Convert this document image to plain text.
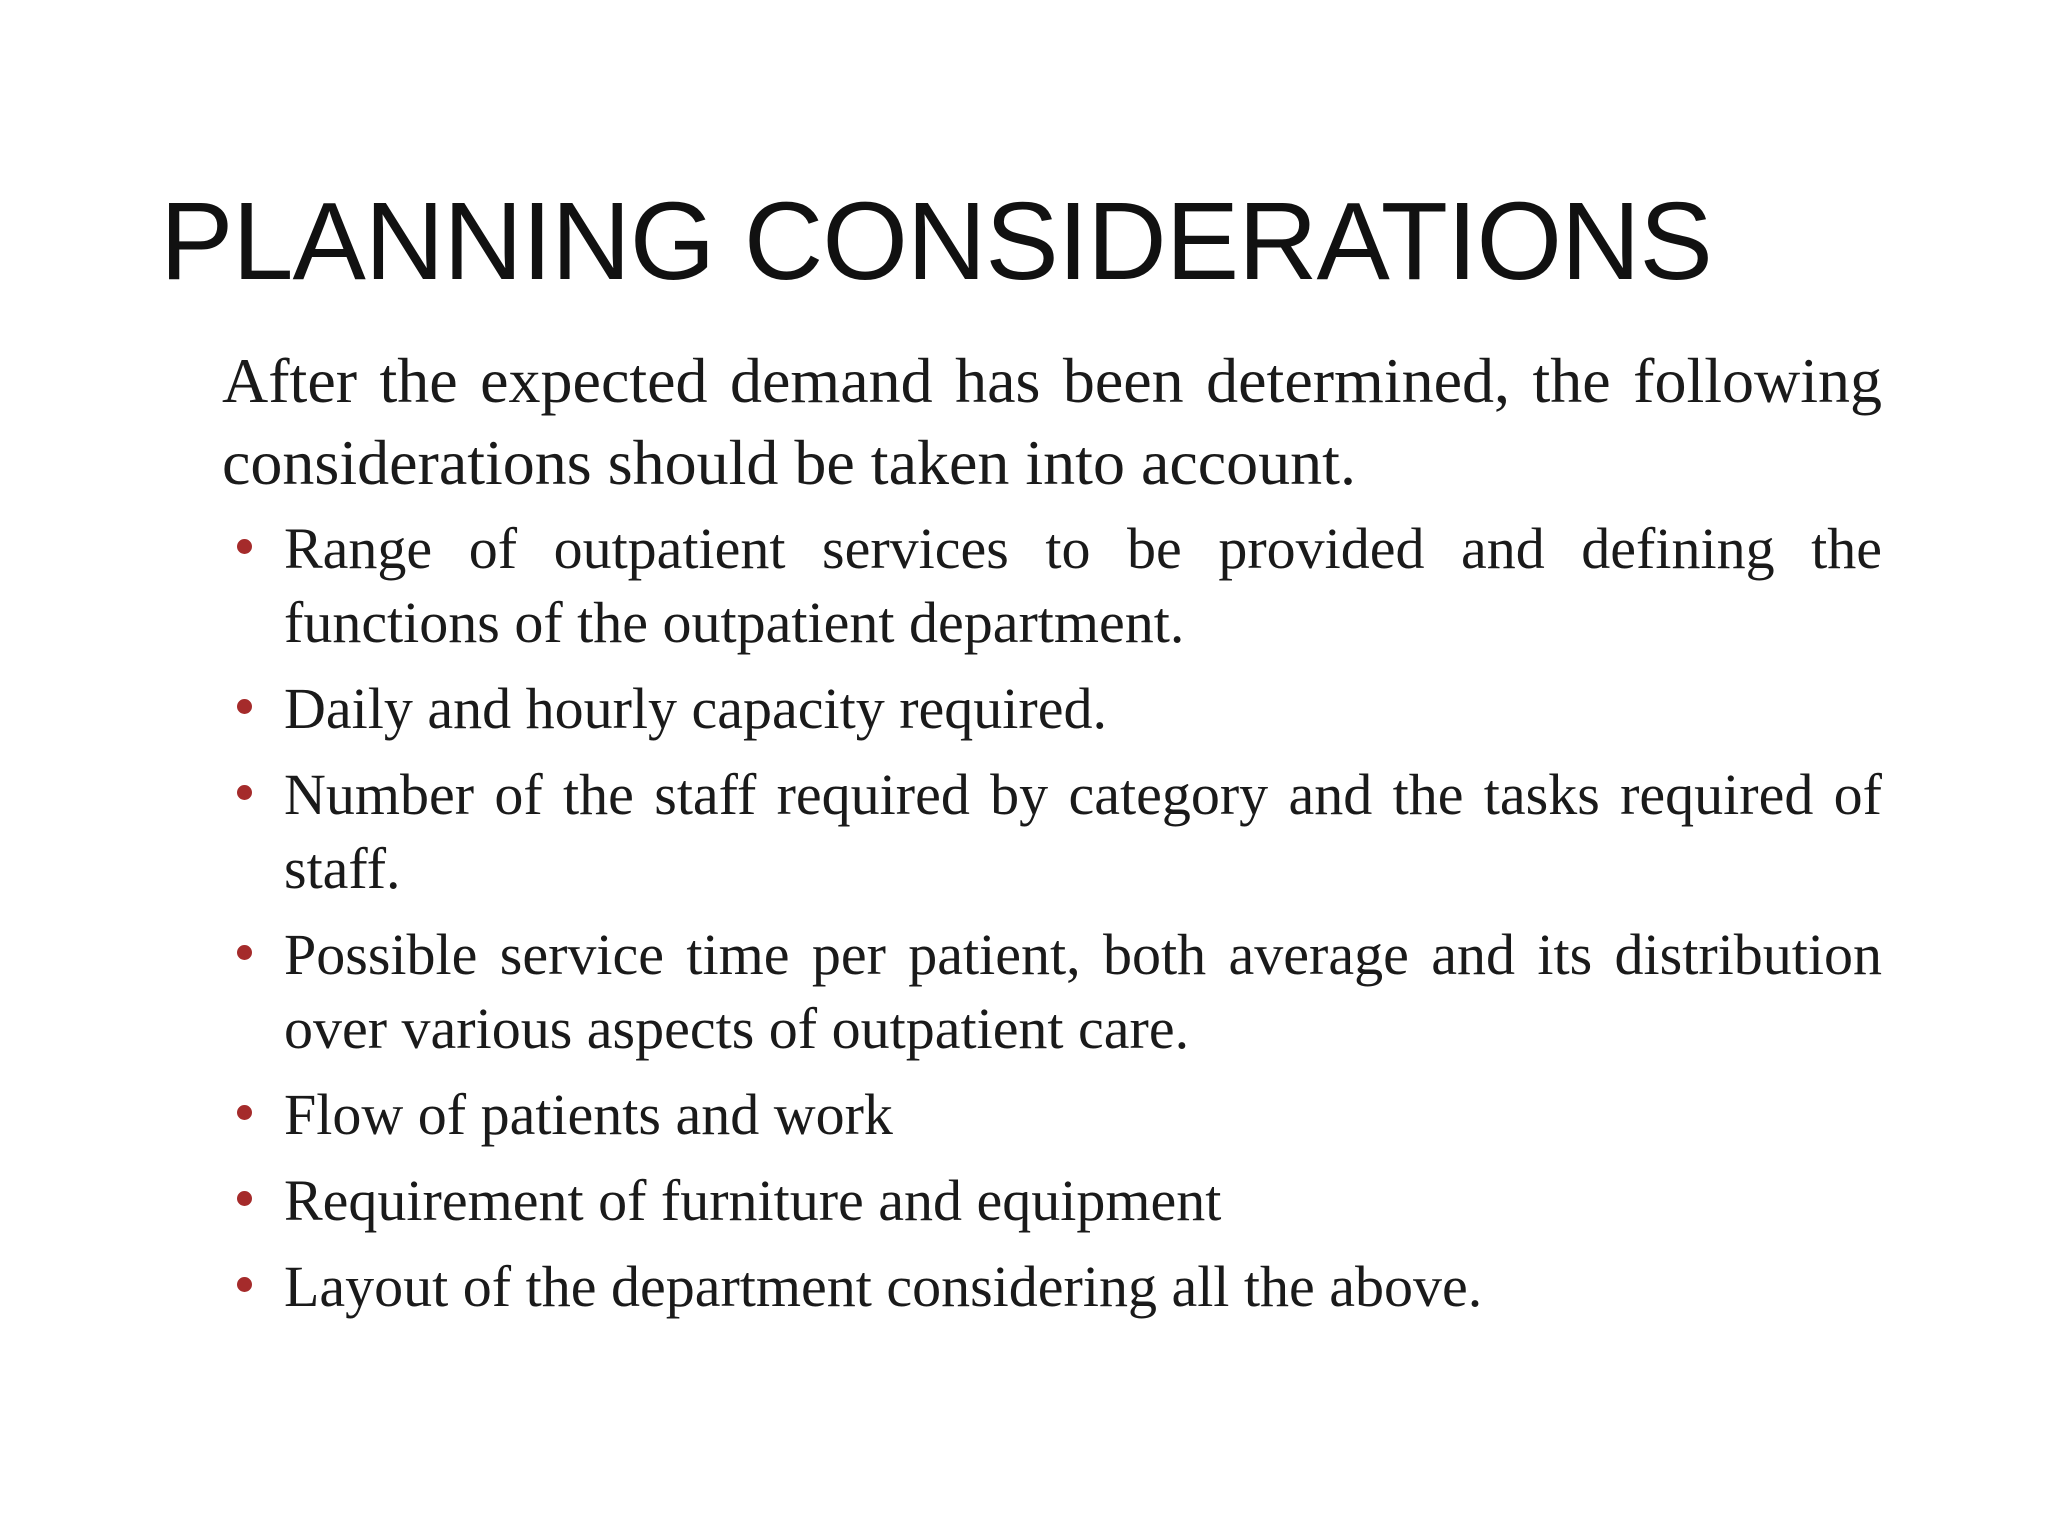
PLANNING CONSIDERATIONS

After the expected demand has been determined, the following considerations should be taken into account.

Range of outpatient services to be provided and defining the functions of the outpatient department.
Daily and hourly capacity required.
Number of the staff required by category and the tasks required of staff.
Possible service time per patient, both average and its distribution over various aspects of outpatient care.
Flow of patients and work
Requirement of furniture and equipment
Layout of the department considering all the above.
